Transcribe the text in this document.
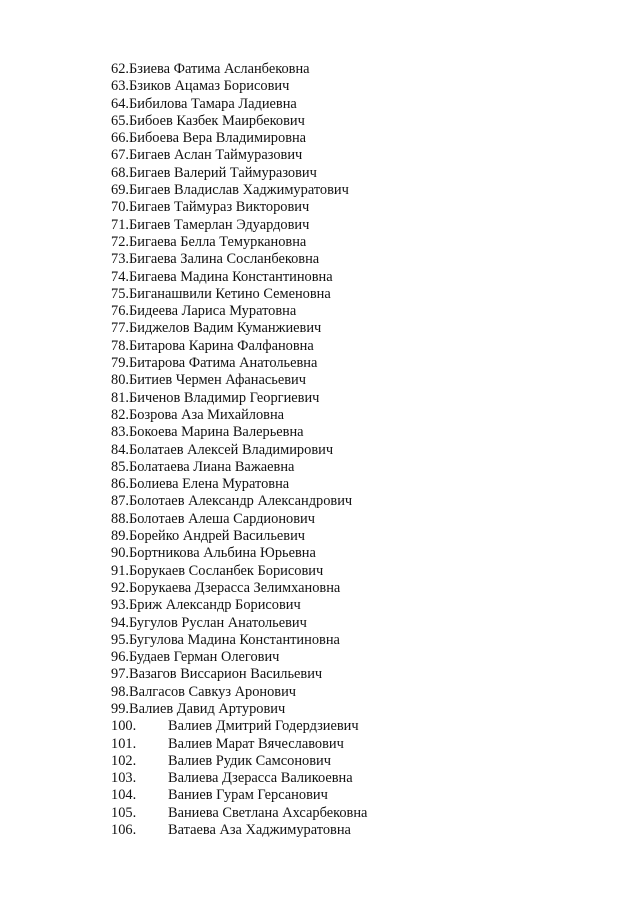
62.Бзиева Фатима Асланбековна
63.Бзиков Ацамаз Борисович
64.Бибилова Тамара Ладиевна
65.Бибоев Казбек Маирбекович
66.Бибоева Вера Владимировна
67.Бигаев Аслан Таймуразович
68.Бигаев Валерий Таймуразович
69.Бигаев Владислав Хаджимуратович
70.Бигаев Таймураз Викторович
71.Бигаев Тамерлан Эдуардович
72.Бигаева Белла Темуркановна
73.Бигаева Залина Сосланбековна
74.Бигаева Мадина Константиновна
75.Биганашвили Кетино Семеновна
76.Бидеева Лариса Муратовна
77.Биджелов Вадим Куманжиевич
78.Битарова Карина Фалфановна
79.Битарова Фатима Анатольевна
80.Битиев Чермен Афанасьевич
81.Биченов Владимир Георгиевич
82.Бозрова Аза Михайловна
83.Бокоева Марина Валерьевна
84.Болатаев Алексей Владимирович
85.Болатаева Лиана Важаевна
86.Болиева Елена Муратовна
87.Болотаев Александр Александрович
88.Болотаев Алеша Сардионович
89.Борейко Андрей Васильевич
90.Бортникова Альбина Юрьевна
91.Борукаев Сосланбек Борисович
92.Борукаева Дзерасса Зелимхановна
93.Бриж Александр Борисович
94.Бугулов Руслан Анатольевич
95.Бугулова Мадина Константиновна
96.Будаев Герман Олегович
97.Вазагов Виссарион Васильевич
98.Валгасов Савкуз Аронович
99.Валиев Давид Артурович
100. Валиев Дмитрий Годердзиевич
101. Валиев Марат Вячеславович
102. Валиев Рудик Самсонович
103. Валиева Дзерасса Валикоевна
104. Ваниев Гурам Герсанович
105. Ваниева Светлана Ахсарбековна
106. Ватаева Аза Хаджимуратовна
